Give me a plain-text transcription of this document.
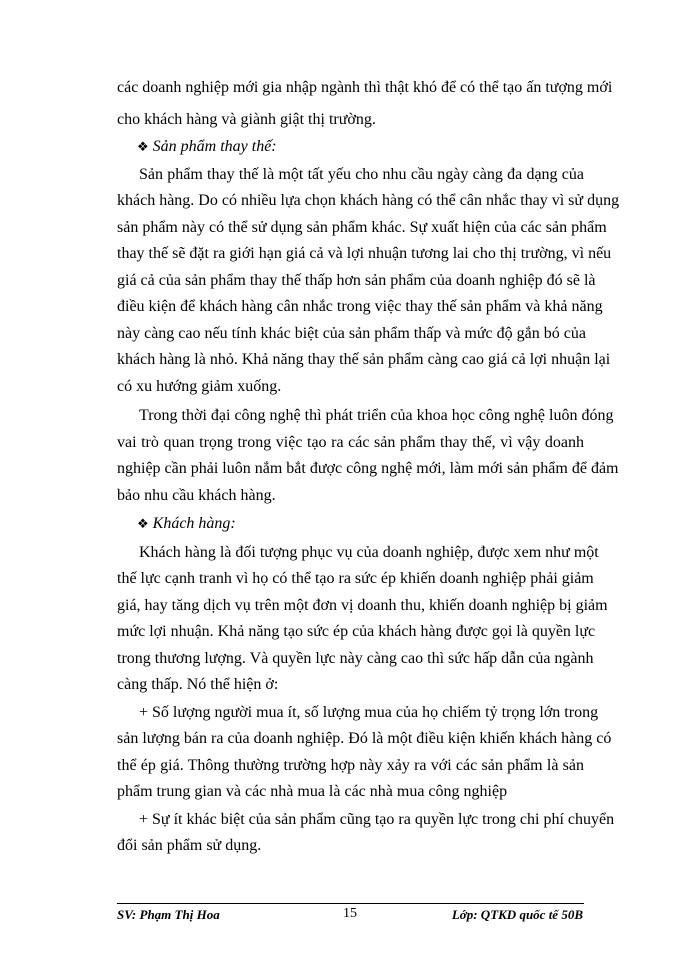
các doanh nghiệp mới gia nhập ngành thì thật khó để có thể tạo ấn tượng mới
cho khách hàng và giành giật thị trường.
❖ Sản phẩm thay thế:
Sản phẩm thay thế là một tất yếu cho nhu cầu ngày càng đa dạng của
khách hàng. Do có nhiều lựa chọn khách hàng có thể cân nhắc thay vì sử dụng
sản phẩm này có thể sử dụng sản phẩm khác. Sự xuất hiện của các sản phẩm
thay thế sẽ đặt ra giới hạn giá cả và lợi nhuận tương lai cho thị trường, vì nếu
giá cả của sản phẩm thay thế thấp hơn sản phẩm của doanh nghiệp đó sẽ là
điều kiện để khách hàng cân nhắc trong việc thay thế sản phẩm và khả năng
này càng cao nếu tính khác biệt của sản phẩm thấp và mức độ gắn bó của
khách hàng là nhỏ. Khả năng thay thế sản phẩm càng cao giá cả lợi nhuận lại
có xu hướng giảm xuống.
Trong thời đại công nghệ thì phát triển của khoa học công nghệ luôn đóng
vai trò quan trọng trong việc tạo ra các sản phẩm thay thế, vì vậy doanh
nghiệp cần phải luôn nắm bắt được công nghệ mới, làm mới sản phẩm để đảm
bảo nhu cầu khách hàng.
❖ Khách hàng:
Khách hàng là đối tượng phục vụ của doanh nghiệp, được xem như một
thế lực cạnh tranh vì họ có thể tạo ra sức ép khiến doanh nghiệp phải giảm
giá, hay tăng dịch vụ trên một đơn vị doanh thu, khiến doanh nghiệp bị giảm
mức lợi nhuận. Khả năng tạo sức ép của khách hàng được gọi là quyền lực
trong thương lượng. Và quyền lực này càng cao thì sức hấp dẫn của ngành
càng thấp. Nó thể hiện ở:
+ Số lượng người mua ít, số lượng mua của họ chiếm tỷ trọng lớn trong
sản lượng bán ra của doanh nghiệp. Đó là một điều kiện khiến khách hàng có
thể ép giá. Thông thường trường hợp này xảy ra với các sản phẩm là sản
phẩm trung gian và các nhà mua là các nhà mua công nghiệp
+ Sự ít khác biệt của sản phẩm cũng tạo ra quyền lực trong chi phí chuyển
đổi sản phẩm sử dụng.
SV: Phạm Thị Hoa	15	Lớp: QTKD quốc tế 50B
